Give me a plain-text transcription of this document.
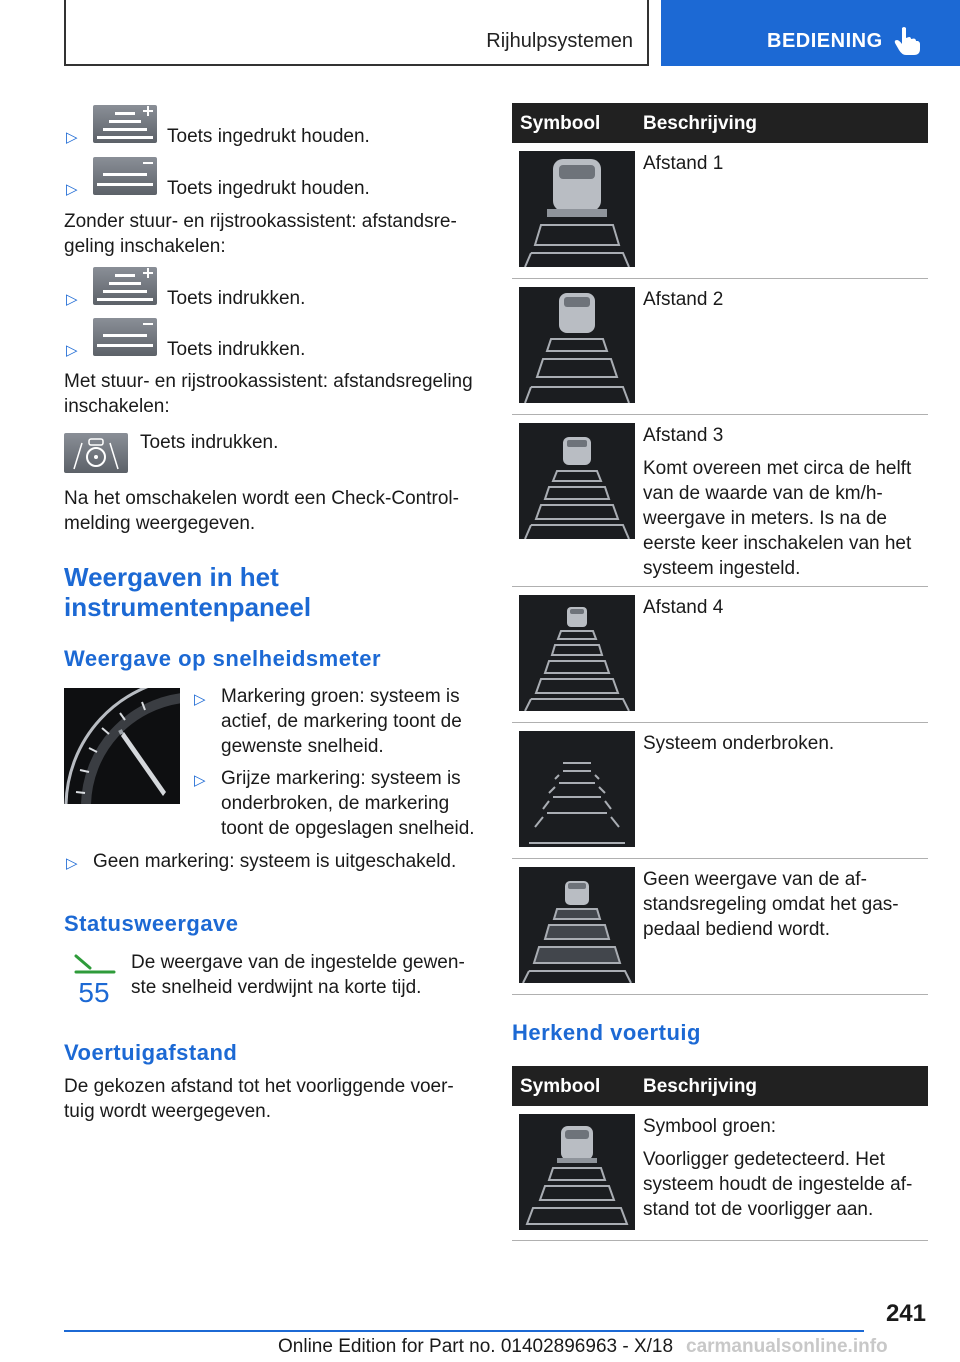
Rijhulpsystemen	BEDIENING
▷	Toets ingedrukt houden.
▷	Toets ingedrukt houden.
Zonder stuur- en rijstrookassistent: afstandsre-geling inschakelen:
▷	Toets indrukken.
▷	Toets indrukken.
Met stuur- en rijstrookassistent: afstandsregeling inschakelen:
Toets indrukken.
Na het omschakelen wordt een Check-Control-melding weergegeven.
Weergaven in het
instrumentenpaneel
Weergave op snelheidsmeter
▷ Markering groen: systeem is actief, de markering toont de gewenste snelheid.
▷ Grijze markering: systeem is onderbroken, de markering toont de opgeslagen snelheid.
▷ Geen markering: systeem is uitgeschakeld.
Statusweergave
55
De weergave van de ingestelde gewen-ste snelheid verdwijnt na korte tijd.
Voertuigafstand
De gekozen afstand tot het voorliggende voer-tuig wordt weergegeven.
Symbool Beschrijving

Afstand 1

Afstand 2

Afstand 3

Komt overeen met circa de helft van de waarde van de km/h-weergave in meters. Is na de eerste keer inschakelen van het systeem ingesteld.

Afstand 4

Systeem onderbroken.

Geen weergave van de af-standsregeling omdat het gas-pedaal bediend wordt.

Herkend voertuig
Symbool Beschrijving

Symbool groen:

Voorligger gedetecteerd. Het systeem houdt de ingestelde af-stand tot de voorligger aan.

241
Online Edition for Part no. 01402896963 - X/18 carmanualsonline.info
